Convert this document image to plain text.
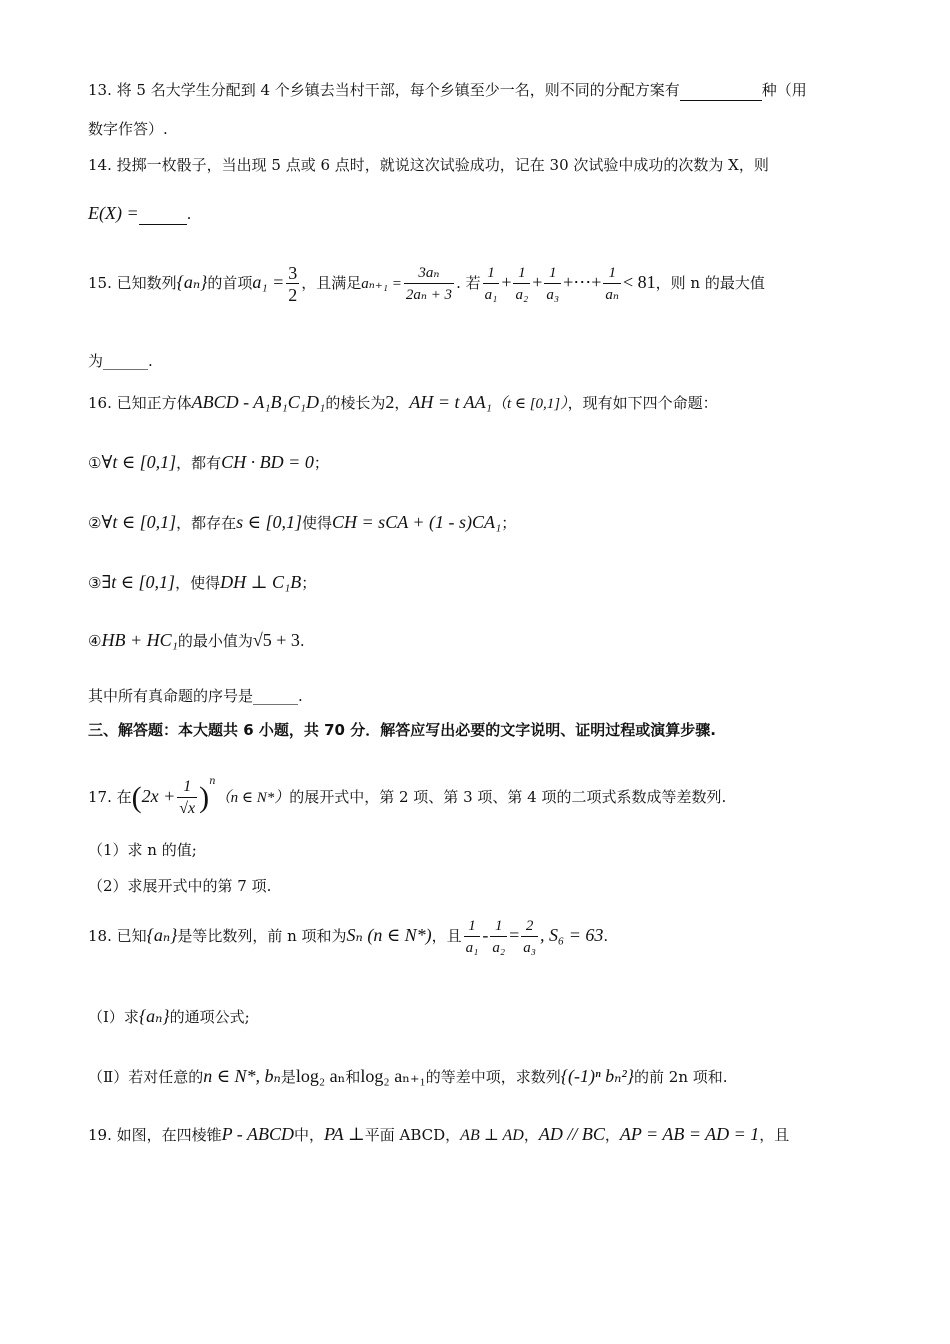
13. 将 5 名大学生分配到 4 个乡镇去当村干部，每个乡镇至少一名，则不同的分配方案有	种（用
数字作答）.
14. 投掷一枚骰子，当出现 5 点或 6 点时，就说这次试验成功，记在 30 次试验中成功的次数为 X，则
E(X) =	.
15. 已知数列{aₙ}的首项$a_1 = \frac{3}{2}$ ，且满足$a_{n+1} = \frac{\text{3aₙ}}{\text{2aₙ + 3}}$ . 若 $\frac{1}{\text{a₁}} + \frac{1}{\text{a₂}} + \frac{1}{\text{a₃}}$ +⋯+ $\frac{1}{\text{aₙ}} < 81$，则 n 的最大值
为______.
16. 已知正方体ABCD - A₁B₁C₁D₁的棱长为2，AH = t AA₁（t ∈ [0,1]），现有如下四个命题：
①∀t ∈ [0,1]，都有CH · BD = 0；
②∀t ∈ [0,1]，都存在s ∈ [0,1]使得CH = sCA + (1 - s)CA₁；
③∃t ∈ [0,1]，使得DH ⊥ C₁B；
④HB + HC₁的最小值为√5 + 3.
其中所有真命题的序号是______.
三、解答题：本大题共 6 小题，共 70 分．解答应写出必要的文字说明、证明过程或演算步骤.
17. 在$(2x + \frac{1}{√x} )^n(n$ ∈ N*）的展开式中，第 2 项、第 3 项、第 4 项的二项式系数成等差数列.
（1）求 n 的值;
（2）求展开式中的第 7 项.
18. 已知{aₙ}是等比数列，前 n 项和为Sₙ (n ∈ N*)，且 $\frac{1}{\text{a₁}} - \frac{1}{\text{a₂}} = \frac{2}{\text{a₃}}$ , S₆ = 63.
（Ⅰ）求{aₙ}的通项公式;
（Ⅱ）若对任意的n ∈ N*, bₙ是log₂ aₙ和log₂ aₙ₊₁的等差中项，求数列{(-1)ⁿ bₙ²}的前 2n 项和.
19. 如图，在四棱锥P - ABCD中，PA ⊥平面 ABCD，AB ⊥ AD，AD // BC，AP = AB = AD = 1，且
